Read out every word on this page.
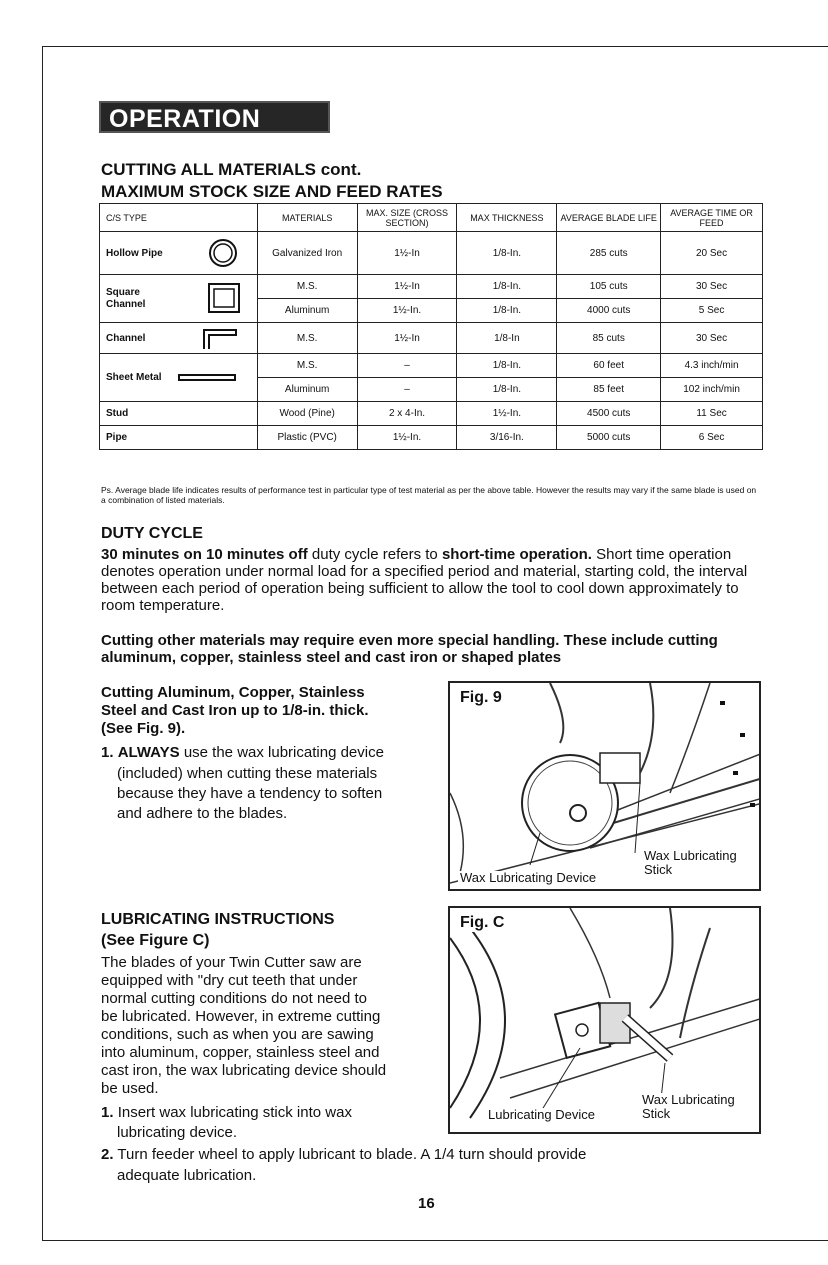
OPERATION cont.
CUTTING ALL MATERIALS cont.
MAXIMUM STOCK SIZE AND FEED RATES
C/S TYPE	MATERIALS	MAX. SIZE (CROSS SECTION)	MAX THICKNESS	AVERAGE BLADE LIFE	AVERAGE TIME OR FEED
Hollow Pipe	Galvanized Iron	1½-In	1/8-In.	285 cuts	20 Sec
Square Channel	M.S.	1½-In	1/8-In.	105 cuts	30 Sec
	Aluminum	1½-In.	1/8-In.	4000 cuts	5 Sec
Channel	M.S.	1½-In	1/8-In	85 cuts	30 Sec
Sheet Metal	M.S.	–	1/8-In.	60 feet	4.3 inch/min
	Aluminum	–	1/8-In.	85 feet	102 inch/min
Stud	Wood (Pine)	2 x 4-In.	1½-In.	4500 cuts	11 Sec
Pipe	Plastic (PVC)	1½-In.	3/16-In.	5000 cuts	6 Sec
Ps. Average blade life indicates results of performance test in particular type of test material as per the above table. However the results may vary if the same blade is used on a combination of listed materials.
DUTY CYCLE
30 minutes on 10 minutes off duty cycle refers to short-time operation. Short time operation denotes operation under normal load for a specified period and material, starting cold, the interval between each period of operation being sufficient to allow the tool to cool down approximately to room temperature.
Cutting other materials may require even more special handling. These include cutting aluminum, copper, stainless steel and cast iron or shaped plates
Cutting Aluminum, Copper, Stainless
Steel and Cast Iron up to 1/8-in. thick.
(See Fig. 9).
1. ALWAYS use the wax lubricating device
(included) when cutting these materials
because they have a tendency to soften
and adhere to the blades.
Fig. 9
Wax Lubricating Device
Wax Lubricating
Stick
LUBRICATING INSTRUCTIONS
(See Figure C)
The blades of your Twin Cutter saw are
equipped with "dry cut teeth that under
normal cutting conditions do not need to
be lubricated. However, in extreme cutting
conditions, such as when you are sawing
into aluminum, copper, stainless steel and
cast iron, the wax lubricating device should
be used.
1. Insert wax lubricating stick into wax
lubricating device.
2. Turn feeder wheel to apply lubricant to blade. A 1/4 turn should provide
adequate lubrication.
Fig. C
Lubricating Device
Wax Lubricating
Stick
16
